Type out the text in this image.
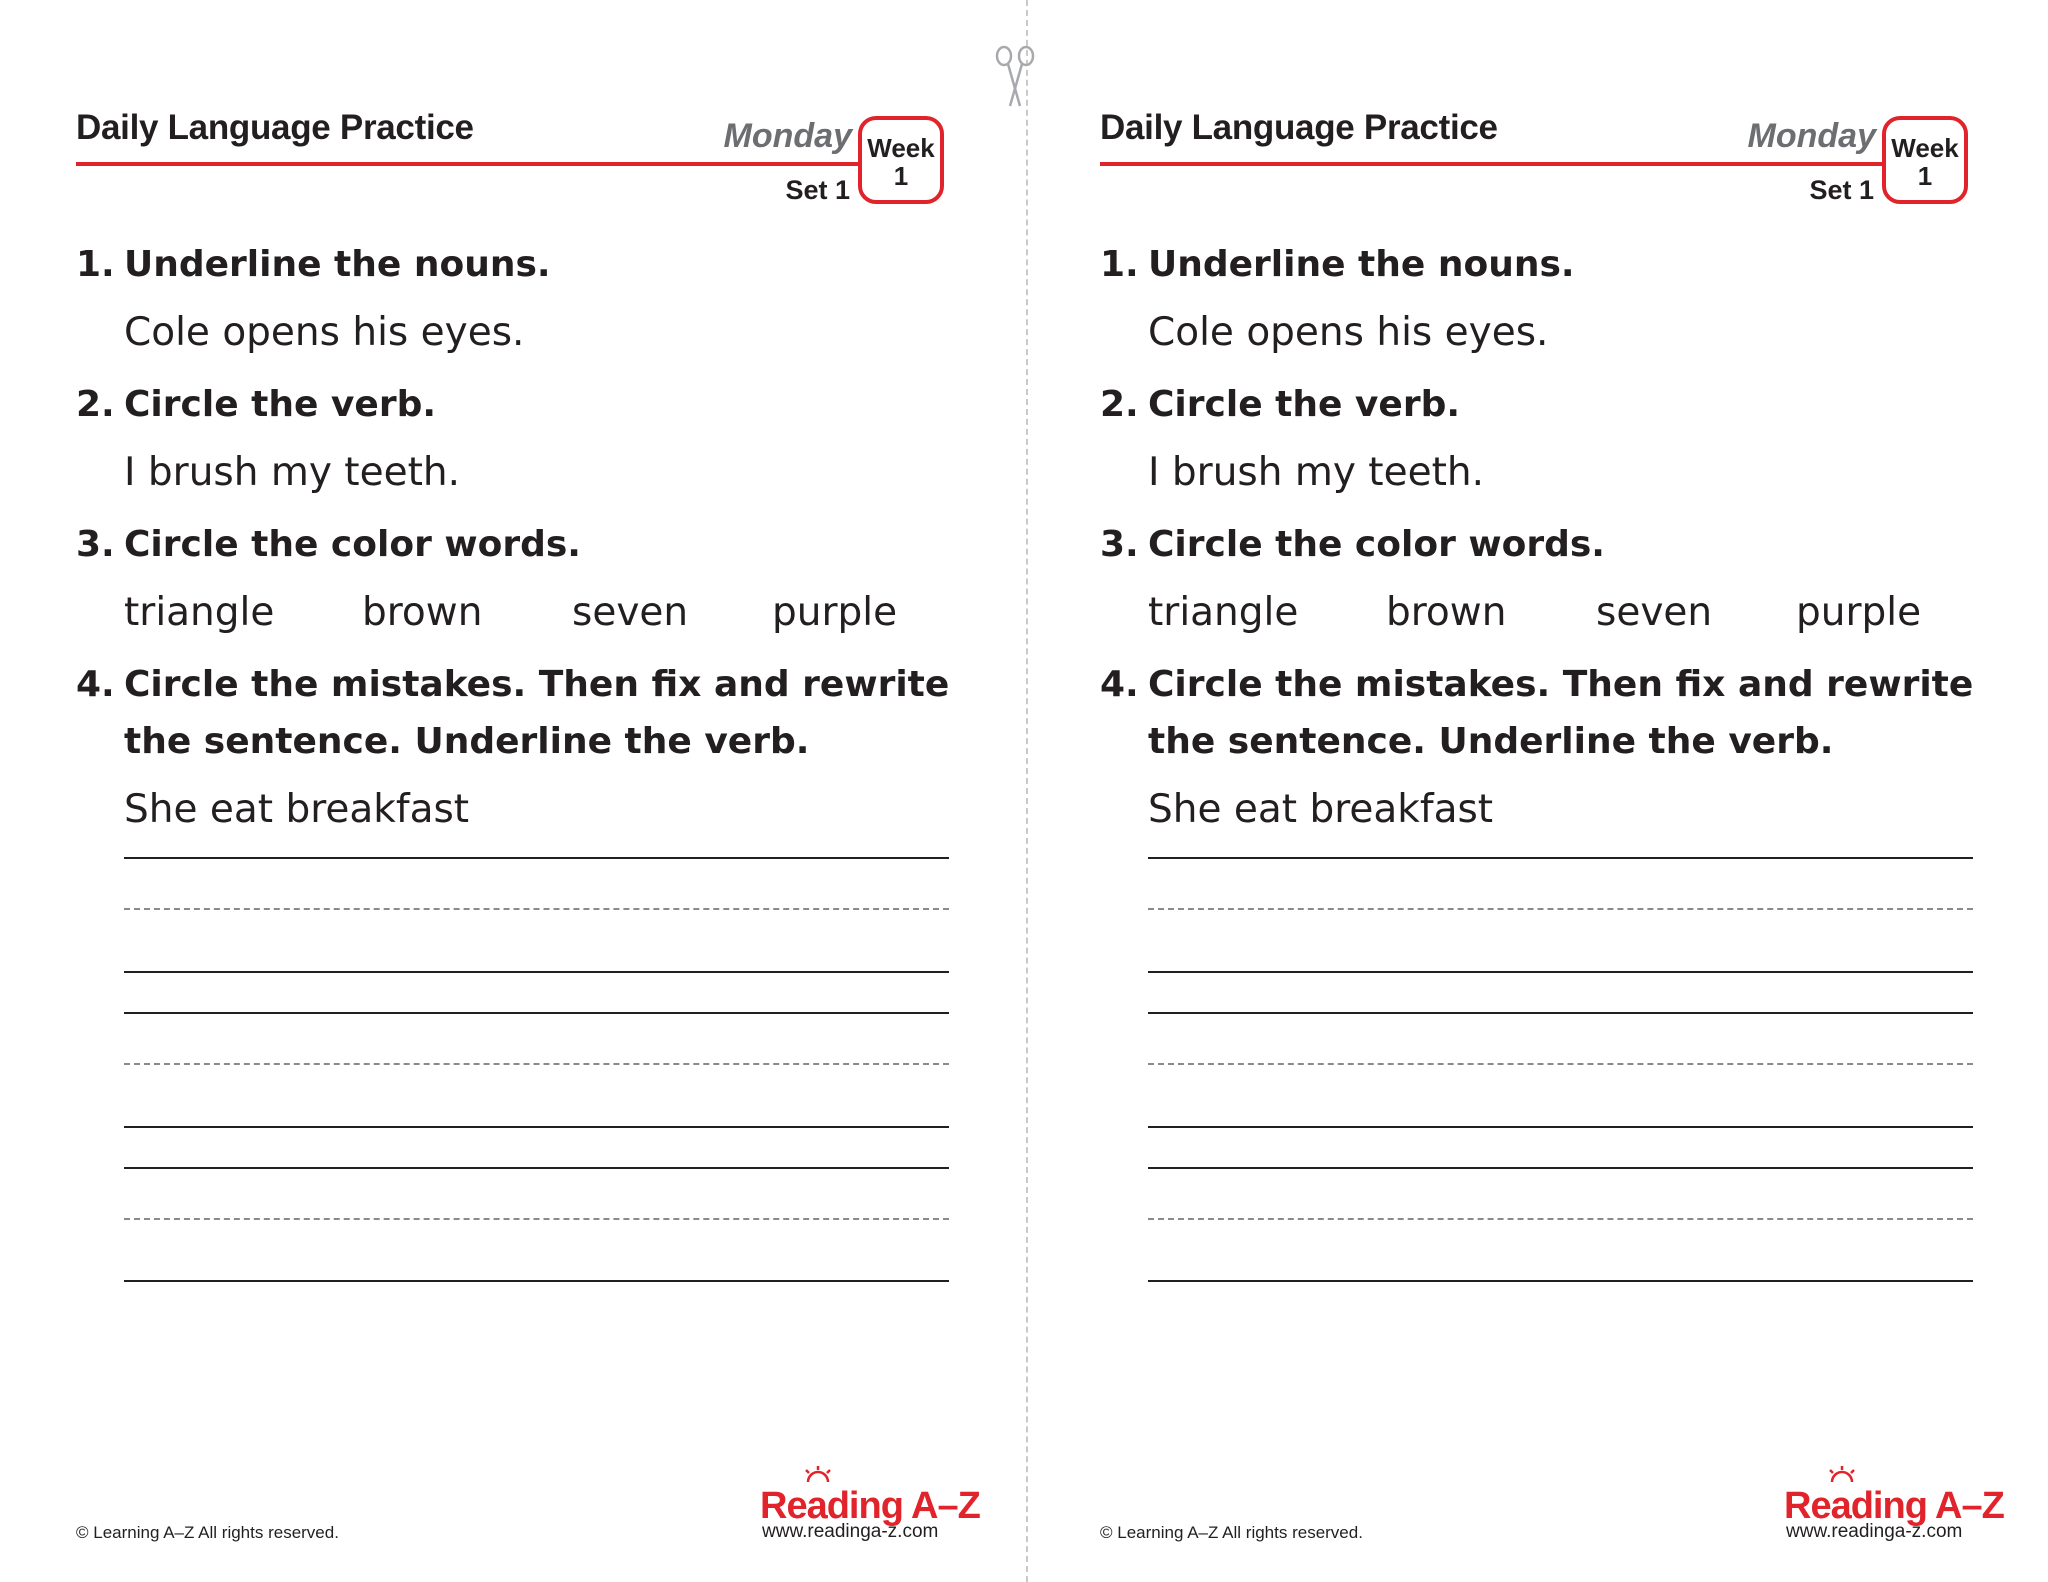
Daily Language Practice	Monday
Set 1
Week
1
1. Underline the nouns.
Cole opens his eyes.
2. Circle the verb.
I brush my teeth.
3. Circle the color words.
triangle brown seven purple
4. Circle the mistakes. Then fix and rewrite
the sentence. Underline the verb.
She eat breakfast
© Learning A–Z All rights reserved.
Reading A–Z
www.readinga-z.com
Daily Language Practice	Monday
Set 1
Week
1
1. Underline the nouns.
Cole opens his eyes.
2. Circle the verb.
I brush my teeth.
3. Circle the color words.
triangle brown seven purple
4. Circle the mistakes. Then fix and rewrite
the sentence. Underline the verb.
She eat breakfast
© Learning A–Z All rights reserved.
Reading A–Z
www.readinga-z.com
